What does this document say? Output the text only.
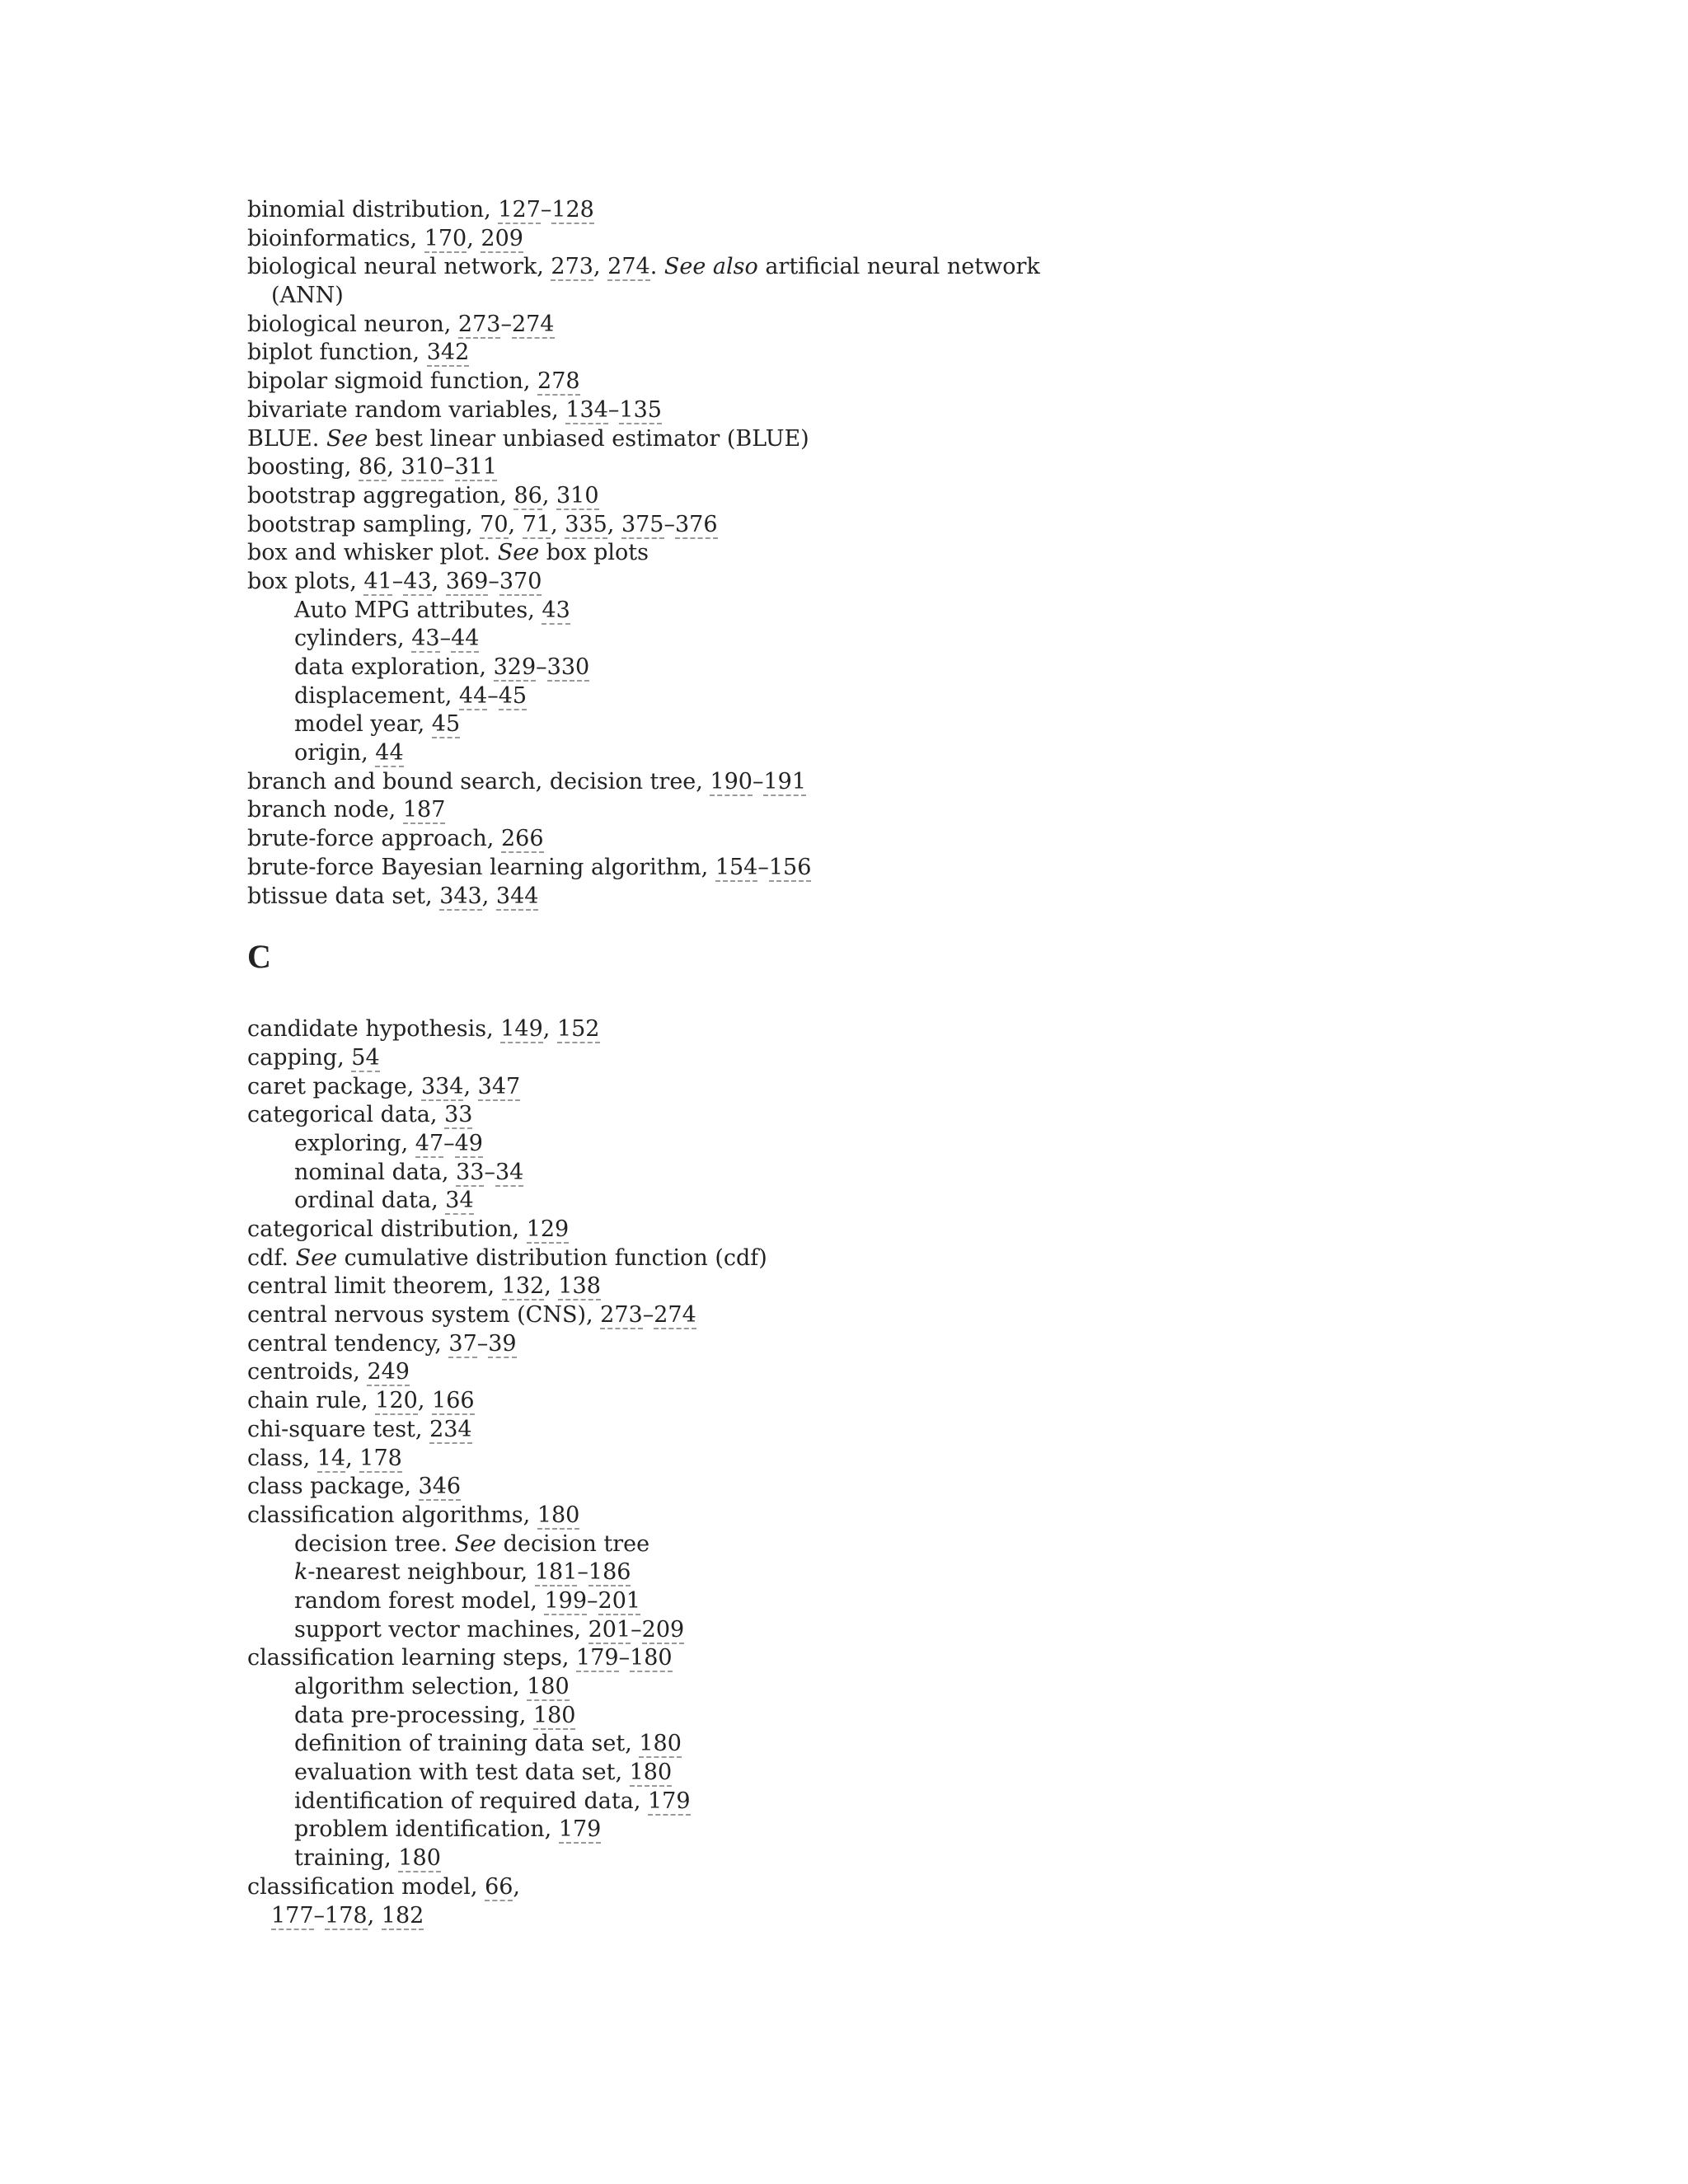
binomial distribution, 127–128
bioinformatics, 170, 209
biological neural network, 273, 274. See also artificial neural network
(ANN)
biological neuron, 273–274
biplot function, 342
bipolar sigmoid function, 278
bivariate random variables, 134–135
BLUE. See best linear unbiased estimator (BLUE)
boosting, 86, 310–311
bootstrap aggregation, 86, 310
bootstrap sampling, 70, 71, 335, 375–376
box and whisker plot. See box plots
box plots, 41–43, 369–370
Auto MPG attributes, 43
cylinders, 43–44
data exploration, 329–330
displacement, 44–45
model year, 45
origin, 44
branch and bound search, decision tree, 190–191
branch node, 187
brute-force approach, 266
brute-force Bayesian learning algorithm, 154–156
btissue data set, 343, 344
C
candidate hypothesis, 149, 152
capping, 54
caret package, 334, 347
categorical data, 33
exploring, 47–49
nominal data, 33–34
ordinal data, 34
categorical distribution, 129
cdf. See cumulative distribution function (cdf)
central limit theorem, 132, 138
central nervous system (CNS), 273–274
central tendency, 37–39
centroids, 249
chain rule, 120, 166
chi-square test, 234
class, 14, 178
class package, 346
classification algorithms, 180
decision tree. See decision tree
k-nearest neighbour, 181–186
random forest model, 199–201
support vector machines, 201–209
classification learning steps, 179–180
algorithm selection, 180
data pre-processing, 180
definition of training data set, 180
evaluation with test data set, 180
identification of required data, 179
problem identification, 179
training, 180
classification model, 66,
177–178, 182
